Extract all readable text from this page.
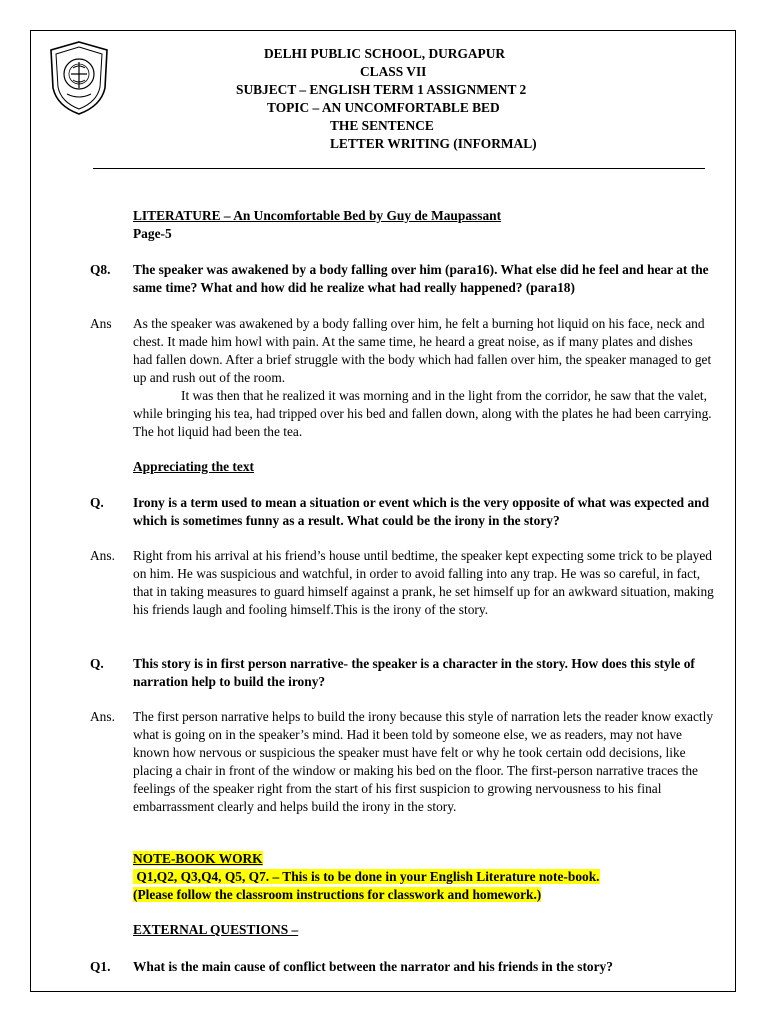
DELHI PUBLIC SCHOOL, DURGAPUR
CLASS VII
SUBJECT – ENGLISH TERM 1 ASSIGNMENT 2
TOPIC – AN UNCOMFORTABLE BED
THE SENTENCE
LETTER WRITING (INFORMAL)
LITERATURE – An Uncomfortable Bed by Guy de Maupassant
Page-5
Q8. The speaker was awakened by a body falling over him (para16). What else did he feel and hear at the same time? What and how did he realize what had really happened? (para18)
Ans As the speaker was awakened by a body falling over him, he felt a burning hot liquid on his face, neck and chest. It made him howl with pain. At the same time, he heard a great noise, as if many plates and dishes had fallen down. After a brief struggle with the body which had fallen over him, the speaker managed to get up and rush out of the room.

It was then that he realized it was morning and in the light from the corridor, he saw that the valet, while bringing his tea, had tripped over his bed and fallen down, along with the plates he had been carrying. The hot liquid had been the tea.

Appreciating the text
Q. Irony is a term used to mean a situation or event which is the very opposite of what was expected and which is sometimes funny as a result. What could be the irony in the story?
Ans. Right from his arrival at his friend’s house until bedtime, the speaker kept expecting some trick to be played on him. He was suspicious and watchful, in order to avoid falling into any trap. He was so careful, in fact, that in taking measures to guard himself against a prank, he set himself up for an awkward situation, making his friends laugh and fooling himself.This is the irony of the story.
Q. This story is in first person narrative- the speaker is a character in the story. How does this style of narration help to build the irony?
Ans. The first person narrative helps to build the irony because this style of narration lets the reader know exactly what is going on in the speaker’s mind. Had it been told by someone else, we as readers, may not have known how nervous or suspicious the speaker must have felt or why he took certain odd decisions, like placing a chair in front of the window or making his bed on the floor. The first-person narrative traces the feelings of the speaker right from the start of his first suspicion to growing nervousness to his final embarrassment clearly and helps build the irony in the story.
NOTE-BOOK WORK
Q1,Q2, Q3,Q4, Q5, Q7. – This is to be done in your English Literature note-book.
(Please follow the classroom instructions for classwork and homework.)
EXTERNAL QUESTIONS –
Q1. What is the main cause of conflict between the narrator and his friends in the story?
